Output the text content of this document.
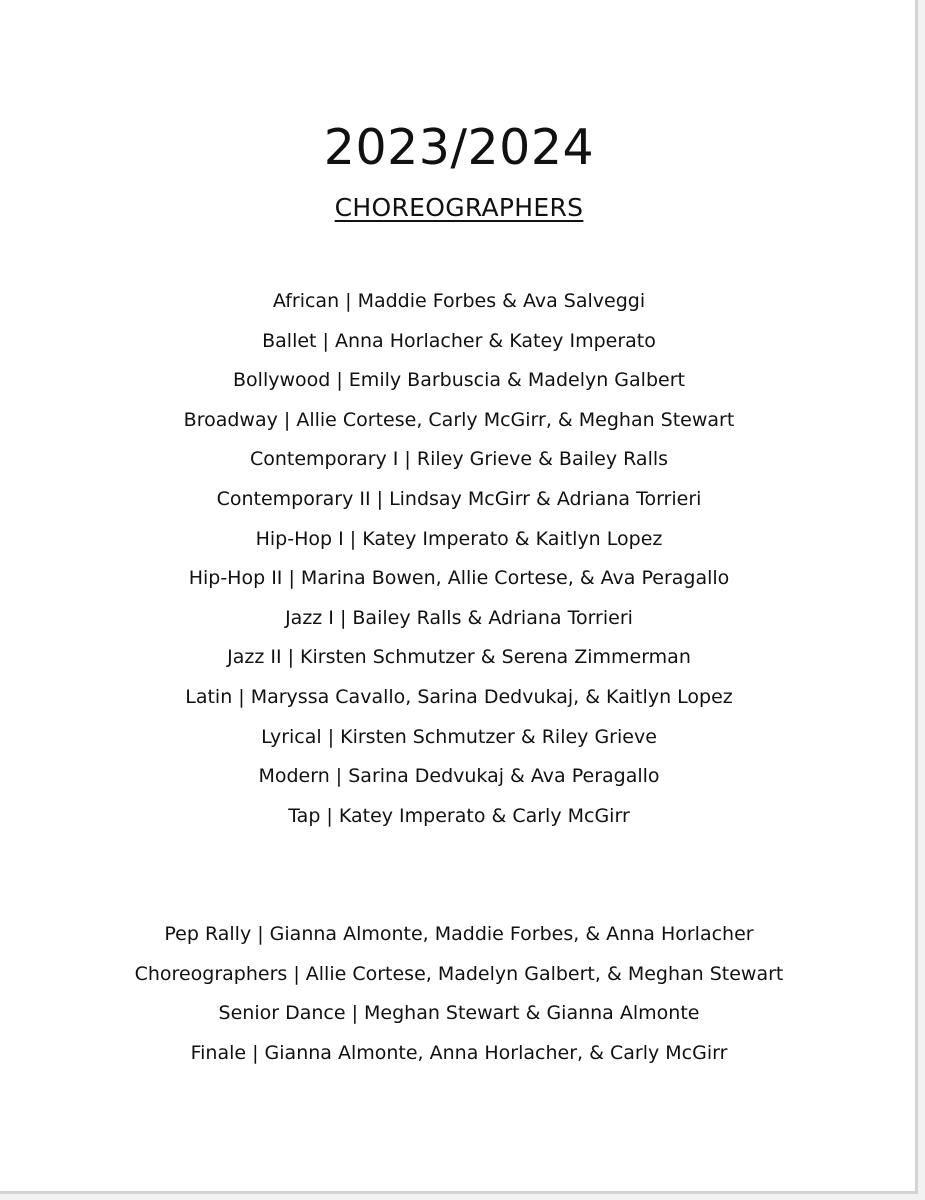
2023/2024
CHOREOGRAPHERS
African | Maddie Forbes & Ava Salveggi
Ballet | Anna Horlacher & Katey Imperato
Bollywood | Emily Barbuscia & Madelyn Galbert
Broadway | Allie Cortese, Carly McGirr, & Meghan Stewart
Contemporary I | Riley Grieve & Bailey Ralls
Contemporary II | Lindsay McGirr & Adriana Torrieri
Hip-Hop I | Katey Imperato & Kaitlyn Lopez
Hip-Hop II | Marina Bowen, Allie Cortese, & Ava Peragallo
Jazz I | Bailey Ralls & Adriana Torrieri
Jazz II | Kirsten Schmutzer & Serena Zimmerman
Latin | Maryssa Cavallo, Sarina Dedvukaj, & Kaitlyn Lopez
Lyrical | Kirsten Schmutzer & Riley Grieve
Modern | Sarina Dedvukaj & Ava Peragallo
Tap | Katey Imperato & Carly McGirr
Pep Rally | Gianna Almonte, Maddie Forbes, & Anna Horlacher
Choreographers | Allie Cortese, Madelyn Galbert, & Meghan Stewart
Senior Dance | Meghan Stewart & Gianna Almonte
Finale | Gianna Almonte, Anna Horlacher, & Carly McGirr
